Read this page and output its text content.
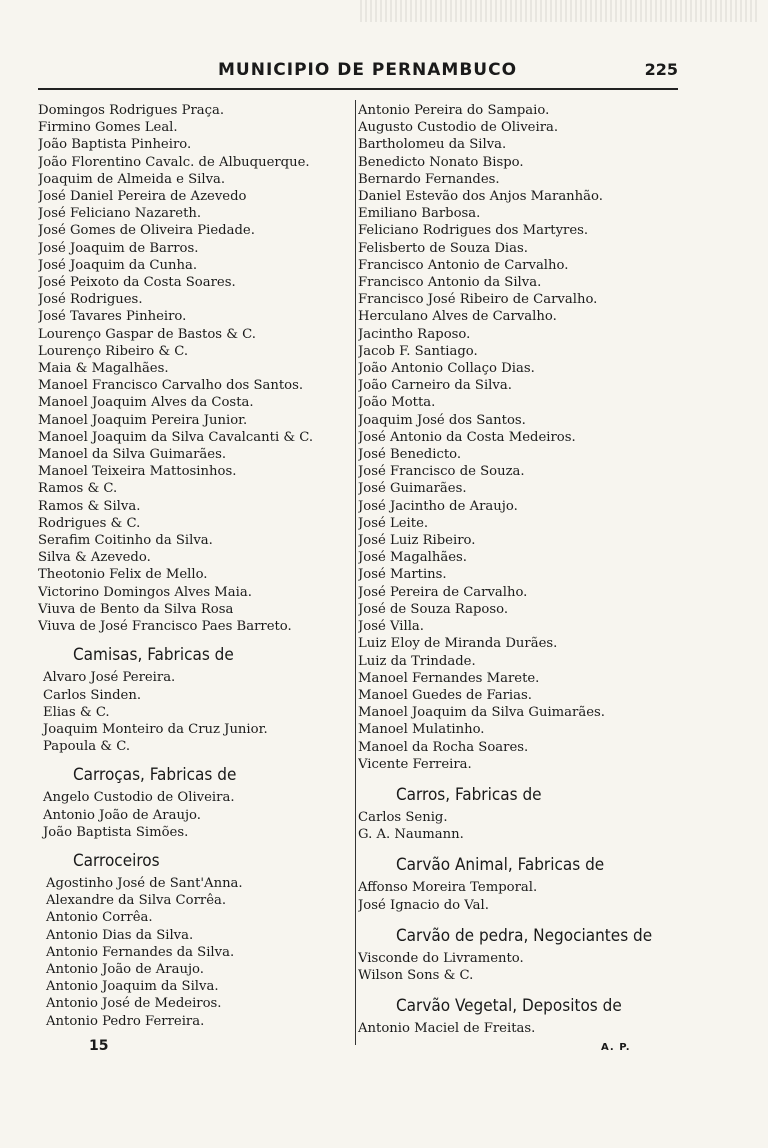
MUNICIPIO DE PERNAMBUCO	225
Domingos Rodrigues Praça.
Firmino Gomes Leal.
João Baptista Pinheiro.
João Florentino Cavalc. de Albuquerque.
Joaquim de Almeida e Silva.
José Daniel Pereira de Azevedo
José Feliciano Nazareth.
José Gomes de Oliveira Piedade.
José Joaquim de Barros.
José Joaquim da Cunha.
José Peixoto da Costa Soares.
José Rodrigues.
José Tavares Pinheiro.
Lourenço Gaspar de Bastos & C.
Lourenço Ribeiro & C.
Maia & Magalhães.
Manoel Francisco Carvalho dos Santos.
Manoel Joaquim Alves da Costa.
Manoel Joaquim Pereira Junior.
Manoel Joaquim da Silva Cavalcanti & C.
Manoel da Silva Guimarães.
Manoel Teixeira Mattosinhos.
Ramos & C.
Ramos & Silva.
Rodrigues & C.
Serafim Coitinho da Silva.
Silva & Azevedo.
Theotonio Felix de Mello.
Victorino Domingos Alves Maia.
Viuva de Bento da Silva Rosa
Viuva de José Francisco Paes Barreto.
Camisas, Fabricas de
Alvaro José Pereira.
Carlos Sinden.
Elias & C.
Joaquim Monteiro da Cruz Junior.
Papoula & C.
Carroças, Fabricas de
Angelo Custodio de Oliveira.
Antonio João de Araujo.
João Baptista Simões.
Carroceiros
Agostinho José de Sant'Anna.
Alexandre da Silva Corrêa.
Antonio Corrêa.
Antonio Dias da Silva.
Antonio Fernandes da Silva.
Antonio João de Araujo.
Antonio Joaquim da Silva.
Antonio José de Medeiros.
Antonio Pedro Ferreira.
Antonio Pereira do Sampaio.
Augusto Custodio de Oliveira.
Bartholomeu da Silva.
Benedicto Nonato Bispo.
Bernardo Fernandes.
Daniel Estevão dos Anjos Maranhão.
Emiliano Barbosa.
Feliciano Rodrigues dos Martyres.
Felisberto de Souza Dias.
Francisco Antonio de Carvalho.
Francisco Antonio da Silva.
Francisco José Ribeiro de Carvalho.
Herculano Alves de Carvalho.
Jacintho Raposo.
Jacob F. Santiago.
João Antonio Collaço Dias.
João Carneiro da Silva.
João Motta.
Joaquim José dos Santos.
José Antonio da Costa Medeiros.
José Benedicto.
José Francisco de Souza.
José Guimarães.
José Jacintho de Araujo.
José Leite.
José Luiz Ribeiro.
José Magalhães.
José Martins.
José Pereira de Carvalho.
José de Souza Raposo.
José Villa.
Luiz Eloy de Miranda Durães.
Luiz da Trindade.
Manoel Fernandes Marete.
Manoel Guedes de Farias.
Manoel Joaquim da Silva Guimarães.
Manoel Mulatinho.
Manoel da Rocha Soares.
Vicente Ferreira.
Carros, Fabricas de
Carlos Senig.
G. A. Naumann.
Carvão Animal, Fabricas de
Affonso Moreira Temporal.
José Ignacio do Val.
Carvão de pedra, Negociantes de
Visconde do Livramento.
Wilson Sons & C.
Carvão Vegetal, Depositos de
Antonio Maciel de Freitas.
15	A. P.
